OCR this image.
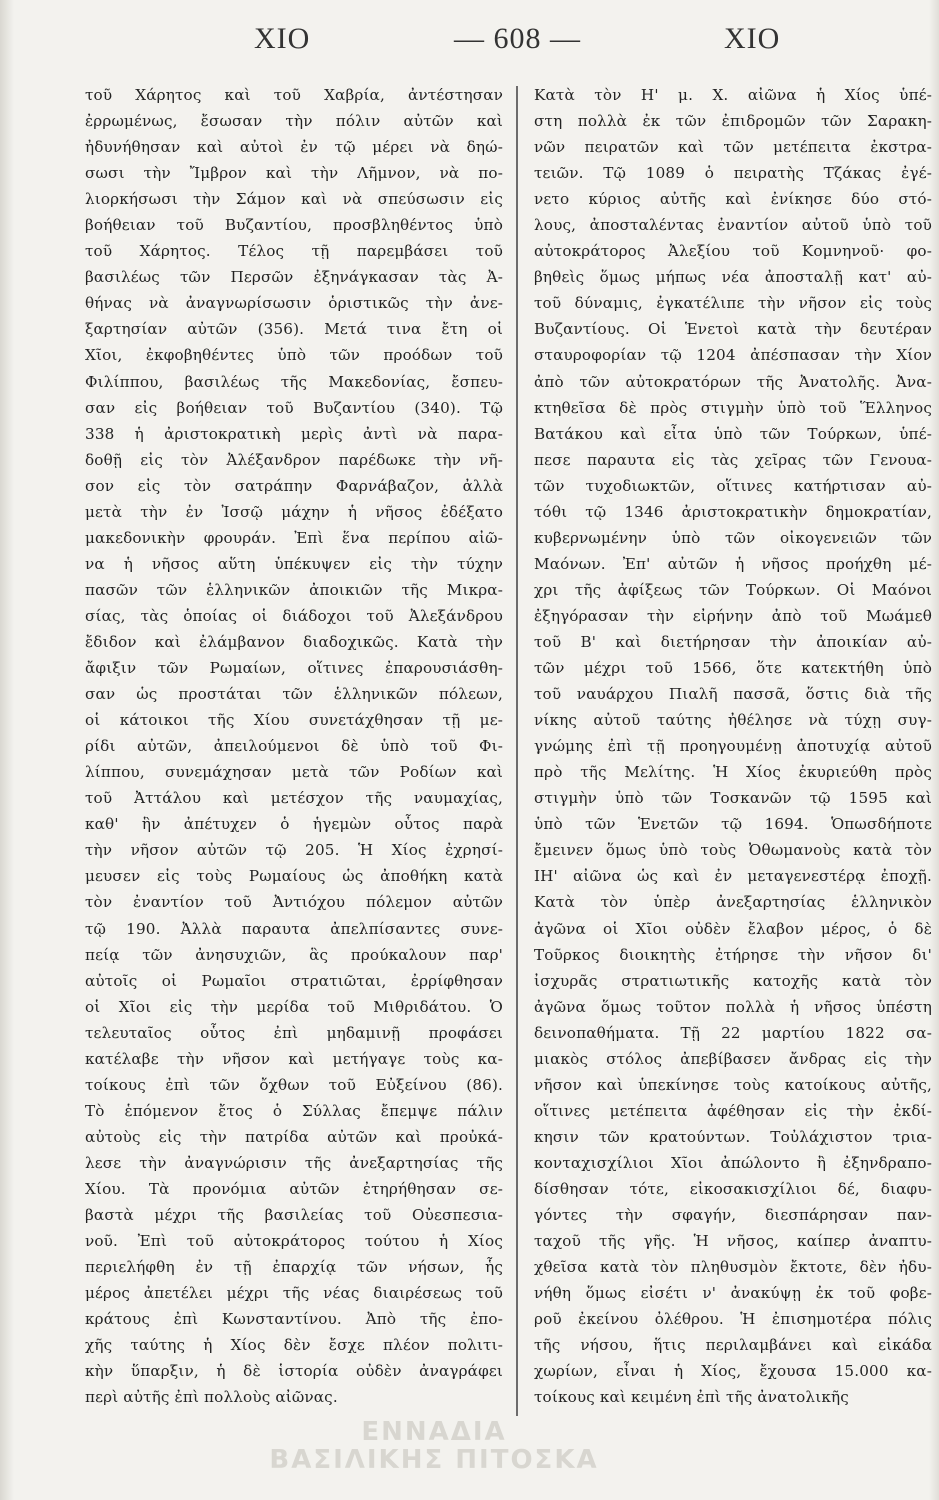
ΧΙΟ	— 608 —	ΧΙΟ
τοῦ Χάρητος καὶ τοῦ Χαβρία, ἀντέστησαν
ἐρρωμένως, ἔσωσαν τὴν πόλιν αὐτῶν καὶ
ἠδυνήθησαν καὶ αὐτοὶ ἐν τῷ μέρει νὰ δηώ-
σωσι τὴν Ἴμβρον καὶ τὴν Λῆμνον, νὰ πο-
λιορκήσωσι τὴν Σάμον καὶ νὰ σπεύσωσιν εἰς
βοήθειαν τοῦ Βυζαντίου, προσβληθέντος ὑπὸ
τοῦ Χάρητος. Τέλος τῇ παρεμβάσει τοῦ
βασιλέως τῶν Περσῶν ἐξηνάγκασαν τὰς Ἀ-
θήνας νὰ ἀναγνωρίσωσιν ὁριστικῶς τὴν ἀνε-
ξαρτησίαν αὐτῶν (356). Μετά τινα ἔτη οἱ
Χῖοι, ἐκφοβηθέντες ὑπὸ τῶν προόδων τοῦ
Φιλίππου, βασιλέως τῆς Μακεδονίας, ἔσπευ-
σαν εἰς βοήθειαν τοῦ Βυζαντίου (340). Τῷ
338 ἡ ἀριστοκρατικὴ μερὶς ἀντὶ νὰ παρα-
δοθῇ εἰς τὸν Ἀλέξανδρον παρέδωκε τὴν νῆ-
σον εἰς τὸν σατράπην Φαρνάβαζον, ἀλλὰ
μετὰ τὴν ἐν Ἰσσῷ μάχην ἡ νῆσος ἐδέξατο
μακεδονικὴν φρουράν. Ἐπὶ ἕνα περίπου αἰῶ-
να ἡ νῆσος αὕτη ὑπέκυψεν εἰς τὴν τύχην
πασῶν τῶν ἑλληνικῶν ἀποικιῶν τῆς Μικρα-
σίας, τὰς ὁποίας οἱ διάδοχοι τοῦ Ἀλεξάνδρου
ἔδιδον καὶ ἐλάμβανον διαδοχικῶς. Κατὰ τὴν
ἄφιξιν τῶν Ρωμαίων, οἵτινες ἐπαρουσιάσθη-
σαν ὡς προστάται τῶν ἑλληνικῶν πόλεων,
οἱ κάτοικοι τῆς Χίου συνετάχθησαν τῇ με-
ρίδι αὐτῶν, ἀπειλούμενοι δὲ ὑπὸ τοῦ Φι-
λίππου, συνεμάχησαν μετὰ τῶν Ροδίων καὶ
τοῦ Ἀττάλου καὶ μετέσχον τῆς ναυμαχίας,
καθ' ἣν ἀπέτυχεν ὁ ἡγεμὼν οὗτος παρὰ
τὴν νῆσον αὐτῶν τῷ 205. Ἡ Χίος ἐχρησί-
μευσεν εἰς τοὺς Ρωμαίους ὡς ἀποθήκη κατὰ
τὸν ἐναντίον τοῦ Ἀντιόχου πόλεμον αὐτῶν
τῷ 190. Ἀλλὰ παραυτα ἀπελπίσαντες συνε-
πείᾳ τῶν ἀνησυχιῶν, ἃς προύκαλουν παρ'
αὐτοῖς οἱ Ρωμαῖοι στρατιῶται, ἐρρίφθησαν
οἱ Χῖοι εἰς τὴν μερίδα τοῦ Μιθριδάτου. Ὁ
τελευταῖος οὗτος ἐπὶ μηδαμινῇ προφάσει
κατέλαβε τὴν νῆσον καὶ μετήγαγε τοὺς κα-
τοίκους ἐπὶ τῶν ὄχθων τοῦ Εὐξείνου (86).
Τὸ ἑπόμενον ἔτος ὁ Σύλλας ἔπεμψε πάλιν
αὐτοὺς εἰς τὴν πατρίδα αὐτῶν καὶ προὐκά-
λεσε τὴν ἀναγνώρισιν τῆς ἀνεξαρτησίας τῆς
Χίου. Τὰ προνόμια αὐτῶν ἐτηρήθησαν σε-
βαστὰ μέχρι τῆς βασιλείας τοῦ Οὐεσπεσια-
νοῦ. Ἐπὶ τοῦ αὐτοκράτορος τούτου ἡ Χίος
περιελήφθη ἐν τῇ ἐπαρχίᾳ τῶν νήσων, ἧς
μέρος ἀπετέλει μέχρι τῆς νέας διαιρέσεως τοῦ
κράτους ἐπὶ Κωνσταντίνου. Ἀπὸ τῆς ἐπο-
χῆς ταύτης ἡ Χίος δὲν ἔσχε πλέον πολιτι-
κὴν ὕπαρξιν, ἡ δὲ ἱστορία οὐδὲν ἀναγράφει
περὶ αὐτῆς ἐπὶ πολλοὺς αἰῶνας.
Κατὰ τὸν Η' μ. Χ. αἰῶνα ἡ Χίος ὑπέ-
στη πολλὰ ἐκ τῶν ἐπιδρομῶν τῶν Σαρακη-
νῶν πειρατῶν καὶ τῶν μετέπειτα ἐκστρα-
τειῶν. Τῷ 1089 ὁ πειρατὴς Τζάκας ἐγέ-
νετο κύριος αὐτῆς καὶ ἐνίκησε δύο στό-
λους, ἀποσταλέντας ἐναντίον αὐτοῦ ὑπὸ τοῦ
αὐτοκράτορος Ἀλεξίου τοῦ Κομνηνοῦ· φο-
βηθεὶς ὅμως μήπως νέα ἀποσταλῇ κατ' αὐ-
τοῦ δύναμις, ἐγκατέλιπε τὴν νῆσον εἰς τοὺς
Βυζαντίους. Οἱ Ἑνετοὶ κατὰ τὴν δευτέραν
σταυροφορίαν τῷ 1204 ἀπέσπασαν τὴν Χίον
ἀπὸ τῶν αὐτοκρατόρων τῆς Ἀνατολῆς. Ἀνα-
κτηθεῖσα δὲ πρὸς στιγμὴν ὑπὸ τοῦ Ἕλληνος
Βατάκου καὶ εἶτα ὑπὸ τῶν Τούρκων, ὑπέ-
πεσε παραυτα εἰς τὰς χεῖρας τῶν Γενουα-
τῶν τυχοδιωκτῶν, οἵτινες κατήρτισαν αὐ-
τόθι τῷ 1346 ἀριστοκρατικὴν δημοκρατίαν,
κυβερνωμένην ὑπὸ τῶν οἰκογενειῶν τῶν
Μαόνων. Ἐπ' αὐτῶν ἡ νῆσος προήχθη μέ-
χρι τῆς ἀφίξεως τῶν Τούρκων. Οἱ Μαόνοι
ἐξηγόρασαν τὴν εἰρήνην ἀπὸ τοῦ Μωάμεθ
τοῦ Β' καὶ διετήρησαν τὴν ἀποικίαν αὐ-
τῶν μέχρι τοῦ 1566, ὅτε κατεκτήθη ὑπὸ
τοῦ ναυάρχου Πιαλῆ πασσᾶ, ὅστις διὰ τῆς
νίκης αὐτοῦ ταύτης ἠθέλησε νὰ τύχῃ συγ-
γνώμης ἐπὶ τῇ προηγουμένῃ ἀποτυχίᾳ αὐτοῦ
πρὸ τῆς Μελίτης. Ἡ Χίος ἐκυριεύθη πρὸς
στιγμὴν ὑπὸ τῶν Τοσκανῶν τῷ 1595 καὶ
ὑπὸ τῶν Ἑνετῶν τῷ 1694. Ὁπωσδήποτε
ἔμεινεν ὅμως ὑπὸ τοὺς Ὀθωμανοὺς κατὰ τὸν
ΙΗ' αἰῶνα ὡς καὶ ἐν μεταγενεστέρᾳ ἐποχῇ.
Κατὰ τὸν ὑπὲρ ἀνεξαρτησίας ἑλληνικὸν
ἀγῶνα οἱ Χῖοι οὐδὲν ἔλαβον μέρος, ὁ δὲ
Τοῦρκος διοικητὴς ἐτήρησε τὴν νῆσον δι'
ἰσχυρᾶς στρατιωτικῆς κατοχῆς κατὰ τὸν
ἀγῶνα ὅμως τοῦτον πολλὰ ἡ νῆσος ὑπέστη
δεινοπαθήματα. Τῇ 22 μαρτίου 1822 σα-
μιακὸς στόλος ἀπεβίβασεν ἄνδρας εἰς τὴν
νῆσον καὶ ὑπεκίνησε τοὺς κατοίκους αὐτῆς,
οἵτινες μετέπειτα ἀφέθησαν εἰς τὴν ἐκδί-
κησιν τῶν κρατούντων. Τοὐλάχιστον τρια-
κονταχισχίλιοι Χῖοι ἀπώλοντο ἢ ἐξηνδραπο-
δίσθησαν τότε, εἰκοσακισχίλιοι δέ, διαφυ-
γόντες τὴν σφαγήν, διεσπάρησαν παν-
ταχοῦ τῆς γῆς. Ἡ νῆσος, καίπερ ἀναπτυ-
χθεῖσα κατὰ τὸν πληθυσμὸν ἔκτοτε, δὲν ἠδυ-
νήθη ὅμως εἰσέτι ν' ἀνακύψῃ ἐκ τοῦ φοβε-
ροῦ ἐκείνου ὀλέθρου. Ἡ ἐπισημοτέρα πόλις
τῆς νήσου, ἥτις περιλαμβάνει καὶ εἰκάδα
χωρίων, εἶναι ἡ Χίος, ἔχουσα 15.000 κα-
τοίκους καὶ κειμένη ἐπὶ τῆς ἀνατολικῆς
ΕΝΝΑΔΙΑ
ΒΑΣΙΛΙΚΗΣ ΠΙΤΟΣΚΑ
